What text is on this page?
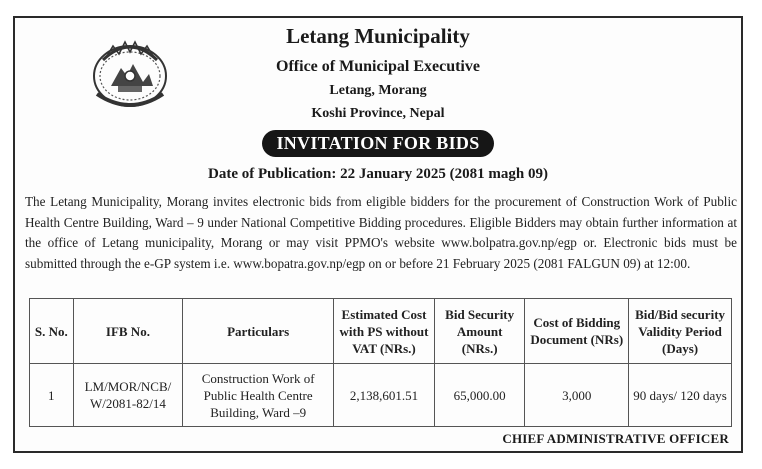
Letang Municipality
Office of Municipal Executive
Letang, Morang
Koshi Province, Nepal
INVITATION FOR BIDS
Date of Publication: 22 January 2025 (2081 magh 09)
The Letang Municipality, Morang invites electronic bids from eligible bidders for the procurement of Construction Work of Public Health Centre Building, Ward – 9 under National Competitive Bidding procedures. Eligible Bidders may obtain further information at the office of Letang municipality, Morang or may visit PPMO's website www.bolpatra.gov.np/egp or. Electronic bids must be submitted through the e-GP system i.e. www.bopatra.gov.np/egp on or before 21 February 2025 (2081 FALGUN 09) at 12:00.
S. No.	IFB No.	Particulars	Estimated Cost with PS without VAT (NRs.)	Bid Security Amount (NRs.)	Cost of Bidding Document (NRs)	Bid/Bid security Validity Period (Days)
1	LM/MOR/NCB/ W/2081-82/14	Construction Work of Public Health Centre Building, Ward –9	2,138,601.51	65,000.00	3,000	90 days/ 120 days
CHIEF ADMINISTRATIVE OFFICER
